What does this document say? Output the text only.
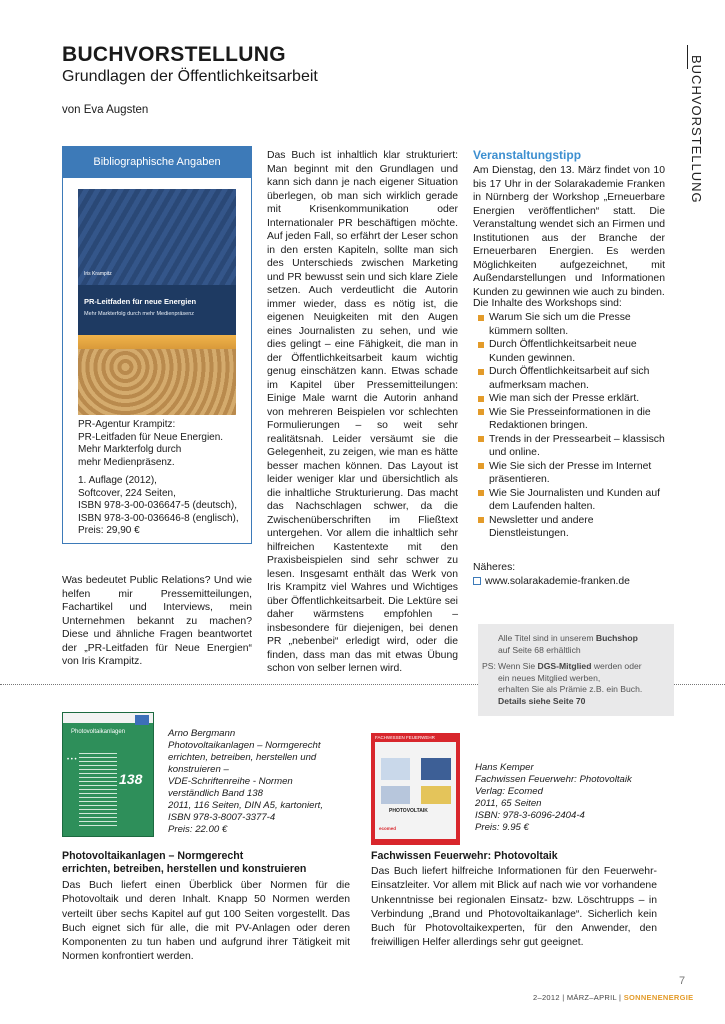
BUCHVORSTELLUNG
Grundlagen der Öffentlichkeitsarbeit
von Eva Augsten	BUCHVORSTELLUNG
Bibliographische Angaben
PR-Leitfaden für neue Energien
Mehr Markterfolg durch mehr Medienpräsenz
Iris Krampitz

PR-Agentur Krampitz:
PR-Leitfaden für Neue Energien.
Mehr Markterfolg durch
mehr Medienpräsenz.

1. Auflage (2012),
Softcover, 224 Seiten,
ISBN 978-3-00-036647-5 (deutsch),
ISBN 978-3-00-036646-8 (englisch),
Preis: 29,90 €

Was bedeutet Public Relations? Und wie helfen mir Pressemitteilungen, Fachartikel und Interviews, mein Unternehmen bekannt zu machen? Diese und ähnliche Fragen beantwortet der „PR-Leitfaden für Neue Energien“ von Iris Krampitz.
Das Buch ist inhaltlich klar strukturiert: Man beginnt mit den Grundlagen und kann sich dann je nach eigener Situation überlegen, ob man sich wirklich gerade mit Krisenkommunikation oder Internationaler PR beschäftigen möchte. Auf jeden Fall, so erfährt der Leser schon in den ersten Kapiteln, sollte man sich des Unterschieds zwischen Marketing und PR bewusst sein und sich klare Ziele setzen. Auch verdeutlicht die Autorin immer wieder, dass es nötig ist, die eigenen Neuigkeiten mit den Augen eines Journalisten zu sehen, und wie dies gelingt – eine Fähigkeit, die man in der Öffentlichkeitsarbeit kaum wichtig genug einschätzen kann. Etwas schade im Kapitel über Pressemitteilungen: Einige Male warnt die Autorin anhand von mehreren Beispielen vor schlechten Formulierungen – so weit sehr realitätsnah. Leider versäumt sie die Gelegenheit, zu zeigen, wie man es hätte besser machen können. Das Layout ist leider weniger klar und übersichtlich als die inhaltliche Strukturierung. Das macht das Nachschlagen schwer, da die Zwischenüberschriften im Fließtext untergehen. Vor allem die inhaltlich sehr hilfreichen Kastentexte mit den Praxisbeispielen sind sehr schwer zu lesen. Insgesamt enthält das Werk von Iris Krampitz viel Wahres und Wichtiges über Öffentlichkeitsarbeit. Die Lektüre sei daher wärmstens empfohlen – insbesondere für diejenigen, bei denen PR „nebenbei“ erledigt wird, oder die finden, dass man das mit etwas Übung schon von selber lernen wird.
Veranstaltungstipp
Am Dienstag, den 13. März findet von 10 bis 17 Uhr in der Solarakademie Franken in Nürnberg der Workshop „Erneuerbare Energien veröffentlichen“ statt. Die Veranstaltung wendet sich an Firmen und Institutionen aus der Branche der Erneuerbaren Energien. Es werden Möglichkeiten aufgezeichnet, mit Außendarstellungen und Informationen Kunden zu gewinnen wie auch zu binden.
Die Inhalte des Workshops sind:
Warum Sie sich um die Presse kümmern sollten.
Durch Öffentlichkeitsarbeit neue Kunden gewinnen.
Durch Öffentlichkeitsarbeit auf sich aufmerksam machen.
Wie man sich der Presse erklärt.
Wie Sie Presseinformationen in die Redaktionen bringen.
Trends in der Pressearbeit – klassisch und online.
Wie Sie sich der Presse im Internet präsentieren.
Wie Sie Journalisten und Kunden auf dem Laufenden halten.
Newsletter und andere Dienstleistungen.
Näheres:
www.solarakademie-franken.de
Alle Titel sind in unserem Buchshop
auf Seite 68 erhältlich
PS: Wenn Sie DGS-Mitglied werden oder
ein neues Mitglied werben,
erhalten Sie als Prämie z.B. ein Buch.
Details siehe Seite 70
Photovoltaikanlagen
• • •
138
Arno Bergmann
Photovoltaikanlagen – Normgerecht errichten, betreiben, herstellen und konstruieren –
VDE-Schriftenreihe - Normen verständlich Band 138
2011, 116 Seiten, DIN A5, kartoniert,
ISBN 978-3-8007-3377-4
Preis: 22.00 €
FACHWISSEN FEUERWEHR
PHOTOVOLTAIK
ecomed
Hans Kemper
Fachwissen Feuerwehr: Photovoltaik
Verlag: Ecomed
2011, 65 Seiten
ISBN: 978-3-6096-2404-4
Preis: 9.95 €
Photovoltaikanlagen – Normgerecht
errichten, betreiben, herstellen und konstruieren
Das Buch liefert einen Überblick über Normen für die Photovoltaik und deren Inhalt. Knapp 50 Normen werden verteilt über sechs Kapitel auf gut 100 Seiten vorgestellt. Das Buch eignet sich für alle, die mit PV-Anlagen oder deren Komponenten zu tun haben und aufgrund ihrer Tätigkeit mit Normen konfrontiert werden.
Fachwissen Feuerwehr: Photovoltaik
Das Buch liefert hilfreiche Informationen für den Feuerwehr-Einsatzleiter. Vor allem mit Blick auf nach wie vor vorhandene Unkenntnisse bei regionalen Einsatz- bzw. Löschtrupps – in Verbindung „Brand und Photovoltaikanlage“. Sicherlich kein Buch für Photovoltaikexperten, für den Anwender, den freiwilligen Helfer allerdings sehr gut geeignet.
7
2–2012 | MÄRZ–APRIL | SONNENENERGIE
